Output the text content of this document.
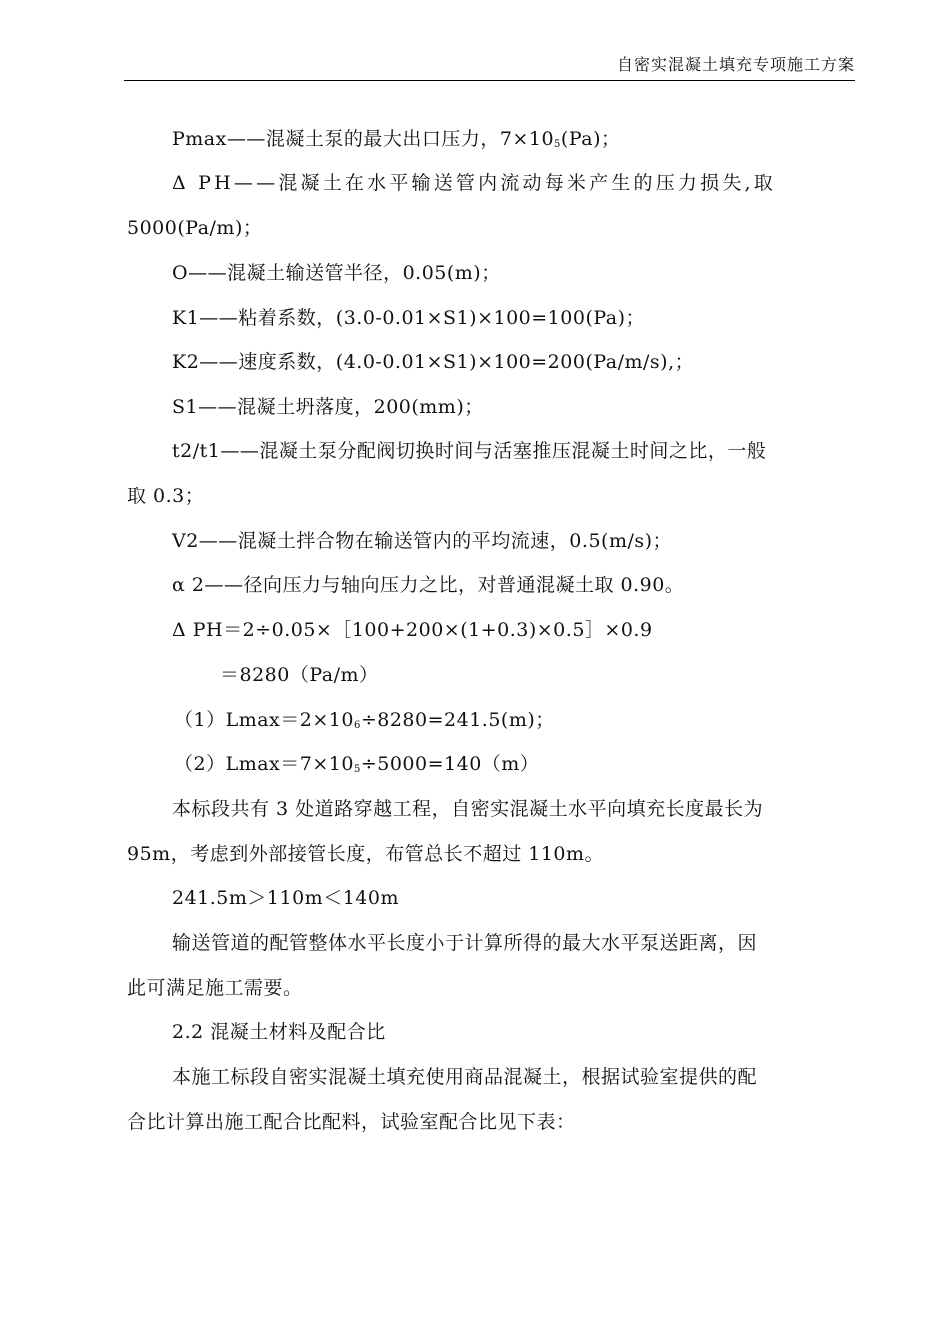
自密实混凝土填充专项施工方案
Pmax——混凝土泵的最大出口压力，$7\times 10_5(Pa)$；
Δ PH——混凝土在水平输送管内流动每米产生的压力损失,取
5000(Pa/m)；
O——混凝土输送管半径，0.05(m)；
K1——粘着系数，(3.0-0.01×S1)×100=100(Pa)；
K2——速度系数，(4.0-0.01×S1)×100=200(Pa/m/s),；
S1——混凝土坍落度，200(mm)；
t2/t1——混凝土泵分配阀切换时间与活塞推压混凝土时间之比，一般
取 0.3；
V2——混凝土拌合物在输送管内的平均流速，0.5(m/s)；
α 2——径向压力与轴向压力之比，对普通混凝土取 0.90。
Δ PH＝2÷0.05×［100+200×(1+0.3)×0.5］×0.9
＝8280（Pa/m）
$(1)Lmax=2\times 10_6\div 8280=241.5(m)$；
$(2)Lmax=7\times 10_5\div 5000=140(m)$
本标段共有 3 处道路穿越工程，自密实混凝土水平向填充长度最长为
95m，考虑到外部接管长度，布管总长不超过 110m。
241.5m＞110m＜140m
输送管道的配管整体水平长度小于计算所得的最大水平泵送距离，因
此可满足施工需要。
2.2 混凝土材料及配合比
本施工标段自密实混凝土填充使用商品混凝土，根据试验室提供的配
合比计算出施工配合比配料，试验室配合比见下表：
